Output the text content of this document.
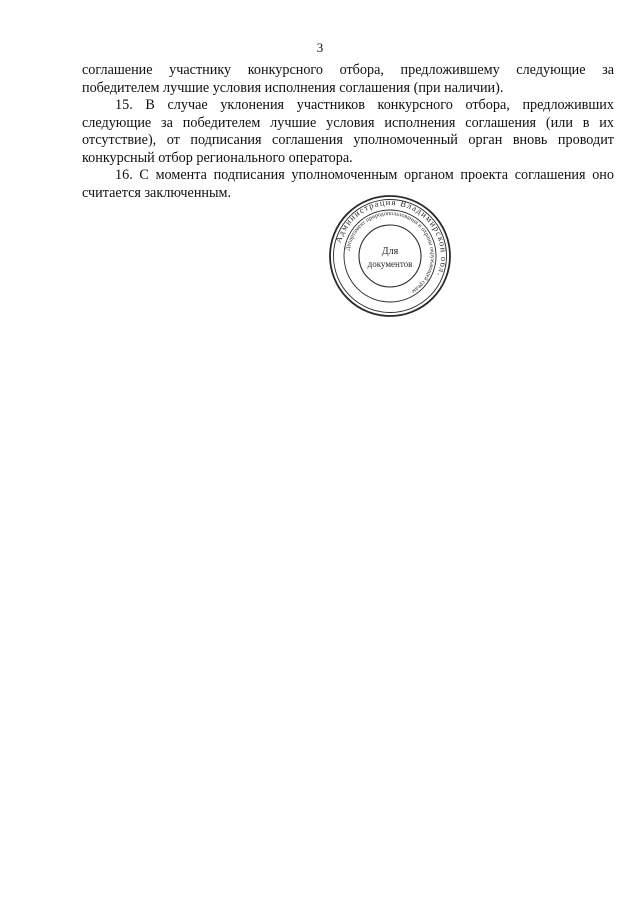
3

соглашение участнику конкурсного отбора, предложившему следующие за победителем лучшие условия исполнения соглашения (при наличии).

15. В случае уклонения участников конкурсного отбора, предложивших следующие за победителем лучшие условия исполнения соглашения (или в их отсутствие), от подписания соглашения уполномоченный орган вновь проводит конкурсный отбор регионального оператора.

16. С момента подписания уполномоченным органом проекта соглашения оно считается заключенным.

Администрация Владимирской обл.
Департамент природопользования и охраны окружающей среды
Для
документов
